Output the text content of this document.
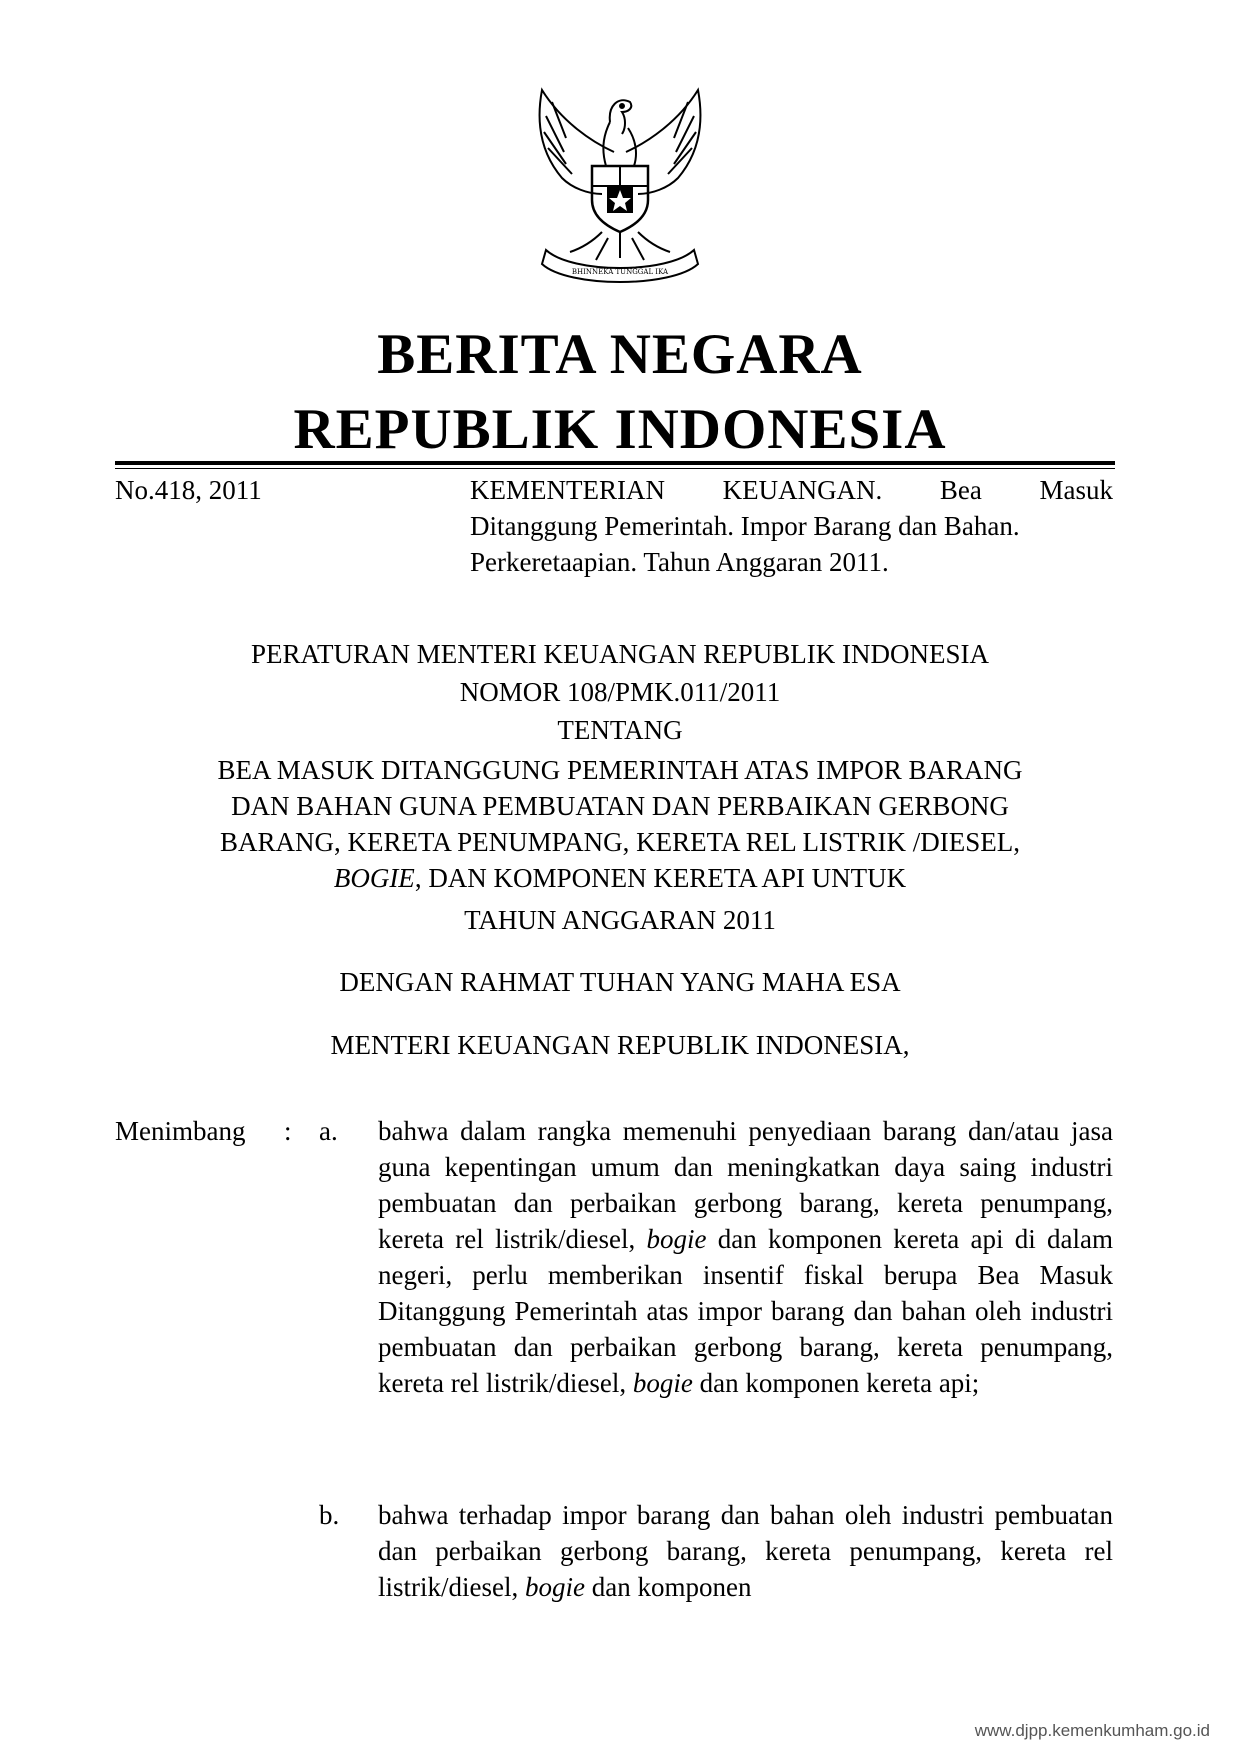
BHINNEKA TUNGGAL IKA
BERITA NEGARA
REPUBLIK INDONESIA
No.418, 2011	KEMENTERIAN KEUANGAN. Bea Masuk
Ditanggung Pemerintah. Impor Barang dan Bahan.
Perkeretaapian. Tahun Anggaran 2011.
PERATURAN MENTERI KEUANGAN REPUBLIK INDONESIA
NOMOR 108/PMK.011/2011
TENTANG
BEA MASUK DITANGGUNG PEMERINTAH ATAS IMPOR BARANG
DAN BAHAN GUNA PEMBUATAN DAN PERBAIKAN GERBONG
BARANG, KERETA PENUMPANG, KERETA REL LISTRIK /DIESEL,
BOGIE, DAN KOMPONEN KERETA API UNTUK
TAHUN ANGGARAN 2011
DENGAN RAHMAT TUHAN YANG MAHA ESA
MENTERI KEUANGAN REPUBLIK INDONESIA,
Menimbang : a. bahwa dalam rangka memenuhi penyediaan barang dan/atau jasa guna kepentingan umum dan meningkatkan daya saing industri pembuatan dan perbaikan gerbong barang, kereta penumpang, kereta rel listrik/diesel, bogie dan komponen kereta api di dalam negeri, perlu memberikan insentif fiskal berupa Bea Masuk Ditanggung Pemerintah atas impor barang dan bahan oleh industri pembuatan dan perbaikan gerbong barang, kereta penumpang, kereta rel listrik/diesel, bogie dan komponen kereta api;
b. bahwa terhadap impor barang dan bahan oleh industri pembuatan dan perbaikan gerbong barang, kereta penumpang, kereta rel listrik/diesel, bogie dan komponen
www.djpp.kemenkumham.go.id
